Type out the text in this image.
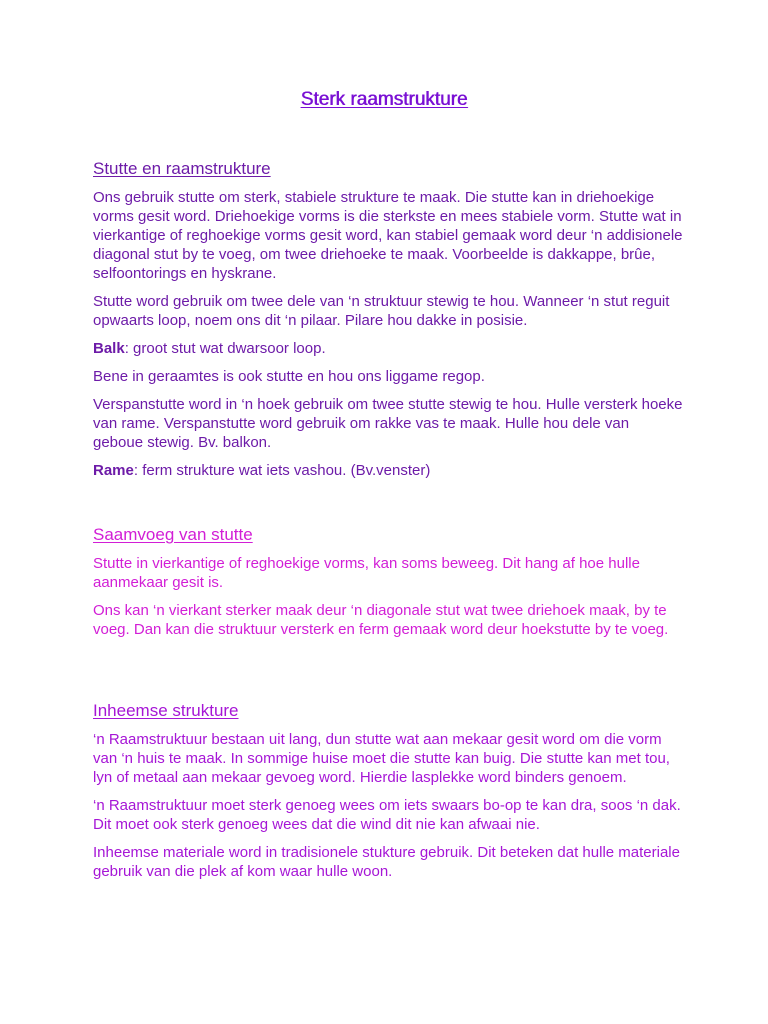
Sterk raamstrukture
Stutte en raamstrukture

Ons gebruik stutte om sterk, stabiele strukture te maak. Die stutte kan in driehoekige vorms gesit word. Driehoekige vorms is die sterkste en mees stabiele vorm. Stutte wat in vierkantige of reghoekige vorms gesit word, kan stabiel gemaak word deur ‘n addisionele diagonal stut by te voeg, om twee driehoeke te maak. Voorbeelde is dakkappe, brûe, selfoontorings en hyskrane.

Stutte word gebruik om twee dele van ‘n struktuur stewig te hou. Wanneer ‘n stut reguit opwaarts loop, noem ons dit ‘n pilaar. Pilare hou dakke in posisie.

Balk: groot stut wat dwarsoor loop.

Bene in geraamtes is ook stutte en hou ons liggame regop.

Verspanstutte word in ‘n hoek gebruik om twee stutte stewig te hou. Hulle versterk hoeke van rame. Verspanstutte word gebruik om rakke vas te maak. Hulle hou dele van geboue stewig. Bv. balkon.

Rame: ferm strukture wat iets vashou. (Bv.venster)

Saamvoeg van stutte

Stutte in vierkantige of reghoekige vorms, kan soms beweeg. Dit hang af hoe hulle aanmekaar gesit is.

Ons kan ‘n vierkant sterker maak deur ‘n diagonale stut wat twee driehoek maak, by te voeg. Dan kan die struktuur versterk en ferm gemaak word deur hoekstutte by te voeg.

Inheemse strukture

‘n Raamstruktuur bestaan uit lang, dun stutte wat aan mekaar gesit word om die vorm van ‘n huis te maak. In sommige huise moet die stutte kan buig. Die stutte kan met tou, lyn of metaal aan mekaar gevoeg word. Hierdie lasplekke word binders genoem.

‘n Raamstruktuur moet sterk genoeg wees om iets swaars bo-op te kan dra, soos ‘n dak. Dit moet ook sterk genoeg wees dat die wind dit nie kan afwaai nie.

Inheemse materiale word in tradisionele stukture gebruik. Dit beteken dat hulle materiale gebruik van die plek af kom waar hulle woon.
